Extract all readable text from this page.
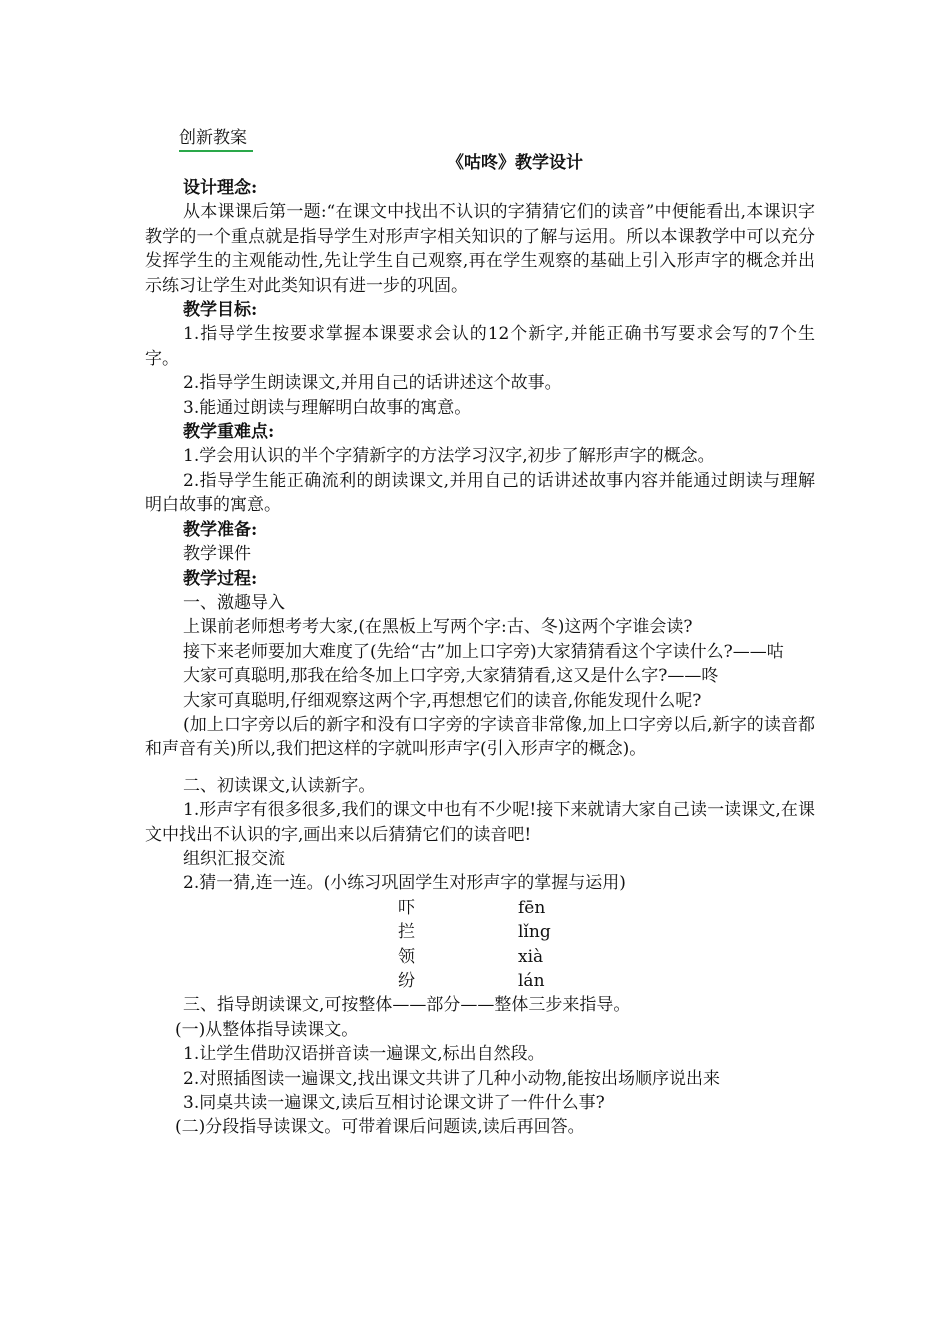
创新教案
《咕咚》教学设计

设计理念:

从本课课后第一题:“在课文中找出不认识的字猜猜它们的读音”中便能看出,本课识字教学的一个重点就是指导学生对形声字相关知识的了解与运用。所以本课教学中可以充分发挥学生的主观能动性,先让学生自己观察,再在学生观察的基础上引入形声字的概念并出示练习让学生对此类知识有进一步的巩固。

教学目标:

1.指导学生按要求掌握本课要求会认的12个新字,并能正确书写要求会写的7个生字。

2.指导学生朗读课文,并用自己的话讲述这个故事。

3.能通过朗读与理解明白故事的寓意。

教学重难点:

1.学会用认识的半个字猜新字的方法学习汉字,初步了解形声字的概念。

2.指导学生能正确流利的朗读课文,并用自己的话讲述故事内容并能通过朗读与理解明白故事的寓意。

教学准备:

教学课件

教学过程:

一、激趣导入

上课前老师想考考大家,(在黑板上写两个字:古、冬)这两个字谁会读?

接下来老师要加大难度了(先给“古”加上口字旁)大家猜猜看这个字读什么?——咕

大家可真聪明,那我在给冬加上口字旁,大家猜猜看,这又是什么字?——咚

大家可真聪明,仔细观察这两个字,再想想它们的读音,你能发现什么呢?

(加上口字旁以后的新字和没有口字旁的字读音非常像,加上口字旁以后,新字的读音都和声音有关)所以,我们把这样的字就叫形声字(引入形声字的概念)。

二、初读课文,认读新字。

1.形声字有很多很多,我们的课文中也有不少呢!接下来就请大家自己读一读课文,在课文中找出不认识的字,画出来以后猜猜它们的读音吧!

组织汇报交流

2.猜一猜,连一连。(小练习巩固学生对形声字的掌握与运用)

吓	fēn
拦	lǐng
领	xià
纷	lán

三、指导朗读课文,可按整体——部分——整体三步来指导。

(一)从整体指导读课文。

1.让学生借助汉语拼音读一遍课文,标出自然段。

2.对照插图读一遍课文,找出课文共讲了几种小动物,能按出场顺序说出来

3.同桌共读一遍课文,读后互相讨论课文讲了一件什么事?

(二)分段指导读课文。可带着课后问题读,读后再回答。
